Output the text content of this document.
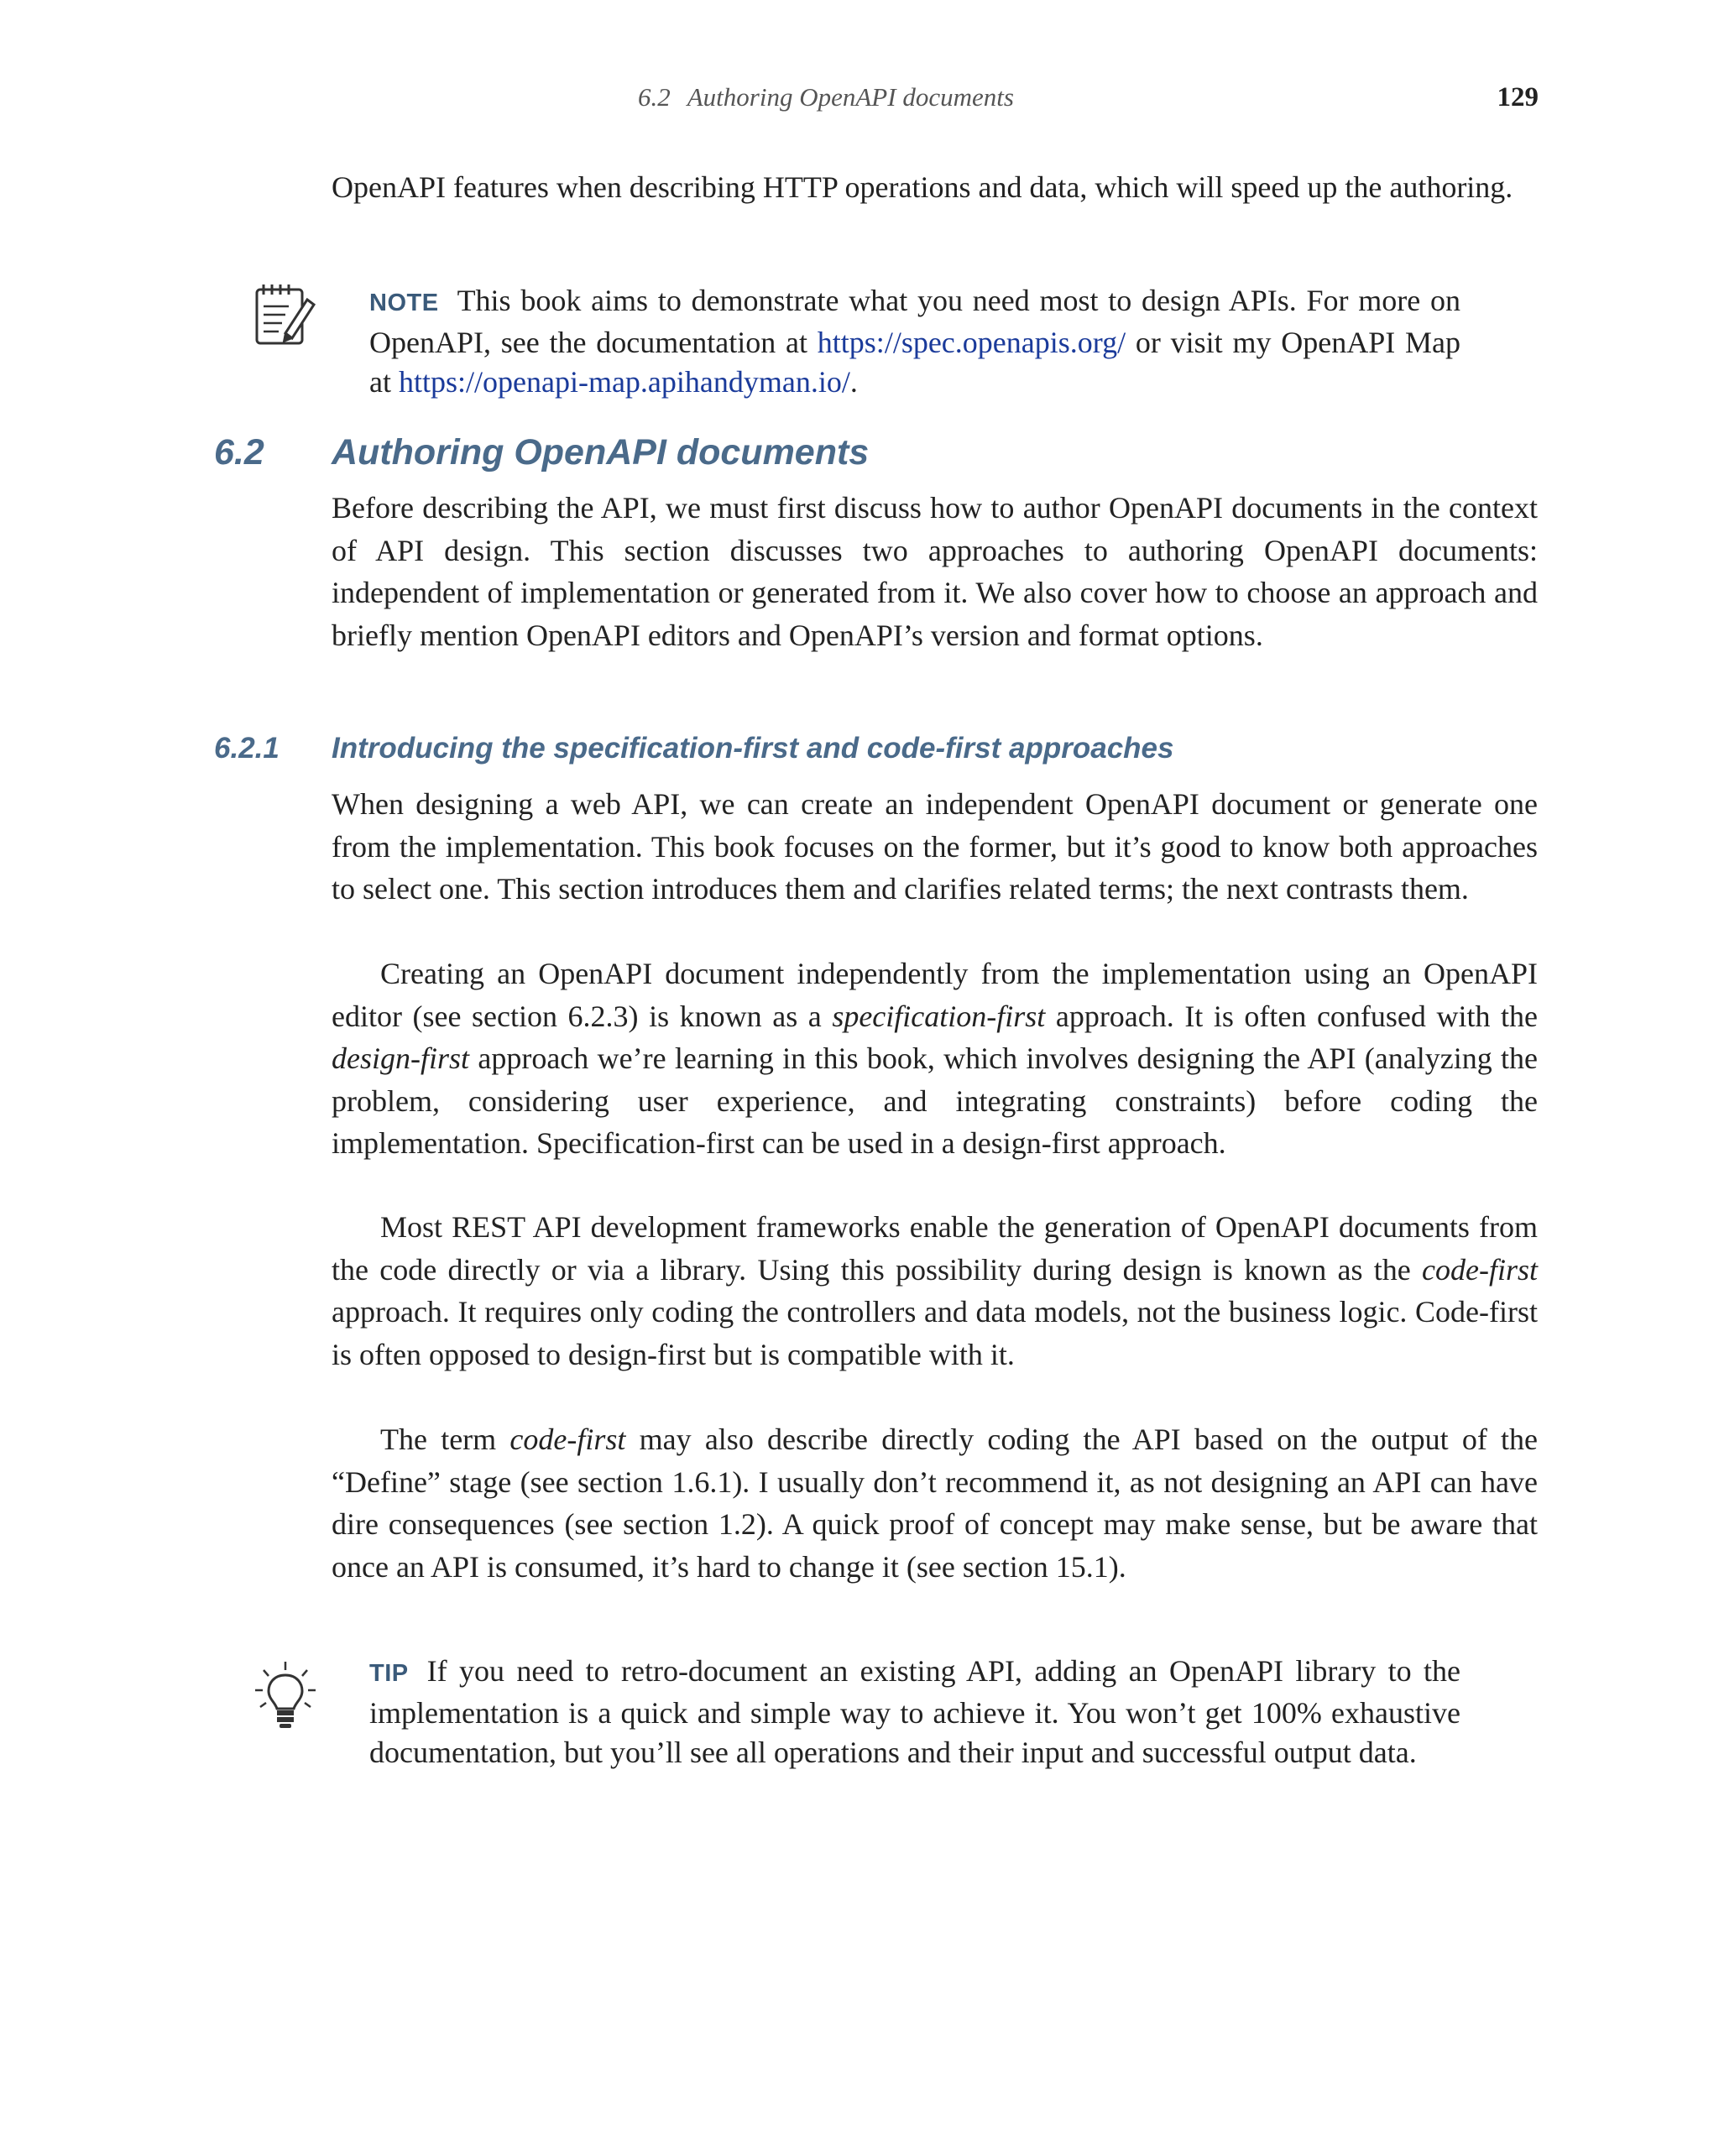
6.2 Authoring OpenAPI documents	129

OpenAPI features when describing HTTP operations and data, which will speed up the authoring.

NOTE This book aims to demonstrate what you need most to design APIs. For more on OpenAPI, see the documentation at https://spec.openapis.org/ or visit my OpenAPI Map at https://openapi-map.apihandyman.io/.

6.2 Authoring OpenAPI documents

Before describing the API, we must first discuss how to author OpenAPI documents in the context of API design. This section discusses two approaches to authoring OpenAPI documents: independent of implementation or generated from it. We also cover how to choose an approach and briefly mention OpenAPI editors and OpenAPI’s version and format options.

6.2.1 Introducing the specification-first and code-first approaches

When designing a web API, we can create an independent OpenAPI document or generate one from the implementation. This book focuses on the former, but it’s good to know both approaches to select one. This section introduces them and clarifies related terms; the next contrasts them.

Creating an OpenAPI document independently from the implementation using an OpenAPI editor (see section 6.2.3) is known as a specification-first approach. It is often confused with the design-first approach we’re learning in this book, which involves designing the API (analyzing the problem, considering user experience, and integrating constraints) before coding the implementation. Specification-first can be used in a design-first approach.

Most REST API development frameworks enable the generation of OpenAPI documents from the code directly or via a library. Using this possibility during design is known as the code-first approach. It requires only coding the controllers and data models, not the business logic. Code-first is often opposed to design-first but is compatible with it.

The term code-first may also describe directly coding the API based on the output of the “Define” stage (see section 1.6.1). I usually don’t recommend it, as not designing an API can have dire consequences (see section 1.2). A quick proof of concept may make sense, but be aware that once an API is consumed, it’s hard to change it (see section 15.1).

TIP If you need to retro-document an existing API, adding an OpenAPI library to the implementation is a quick and simple way to achieve it. You won’t get 100% exhaustive documentation, but you’ll see all operations and their input and successful output data.
